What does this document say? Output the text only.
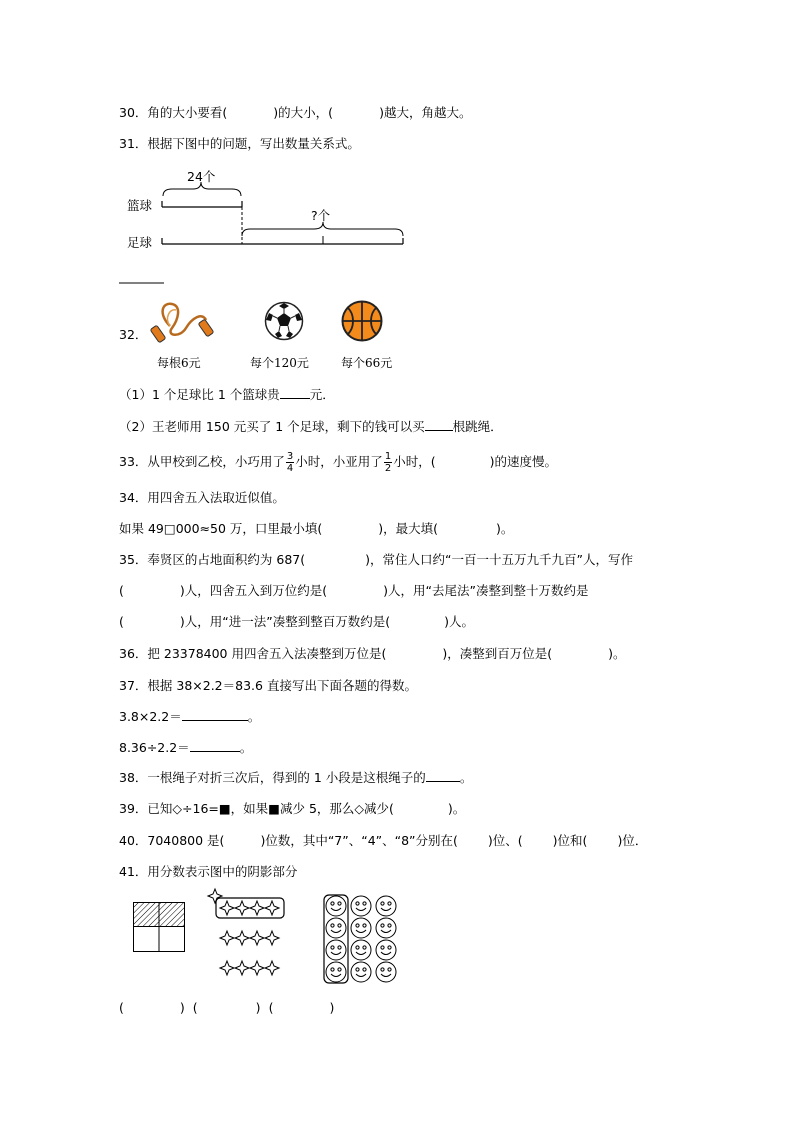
30．角的大小要看(	)的大小，(	)越大，角越大。
31．根据下图中的问题，写出数量关系式。
24个
篮球
?个
足球
32．
每根6元	每个120元	每个66元
（1）1 个足球比 1 个篮球贵 元．
（2）王老师用 150 元买了 1 个足球，剩下的钱可以买 根跳绳．
33．从甲校到乙校，小巧用了 $\frac{3}{4}$ 小时，小亚用了 $\frac{1}{2}$ 小时，(	)的速度慢。
34．用四舍五入法取近似值。
如果 49□000≈50 万，口里最小填(	)，最大填(	)。
35．奉贤区的占地面积约为 687(	)，常住人口约“一百一十五万九千九百”人，写作
(	)人，四舍五入到万位约是(	)人，用“去尾法”凑整到整十万数约是
(	)人，用“进一法”凑整到整百万数约是(	)人。
36．把 23378400 用四舍五入法凑整到万位是(	)，凑整到百万位是(	)。
37．根据 38×2.2＝83.6 直接写出下面各题的得数。
3.8×2.2＝	。
8.36÷2.2＝	。
38．一根绳子对折三次后，得到的 1 小段是这根绳子的	。
39．已知◇÷16=■，如果■减少 5，那么◇减少(	)。
40．7040800 是(	)位数，其中“7”、“4”、“8”分别在( )位、( )位和( )位．
41．用分数表示图中的阴影部分
(	) (	) (	)
